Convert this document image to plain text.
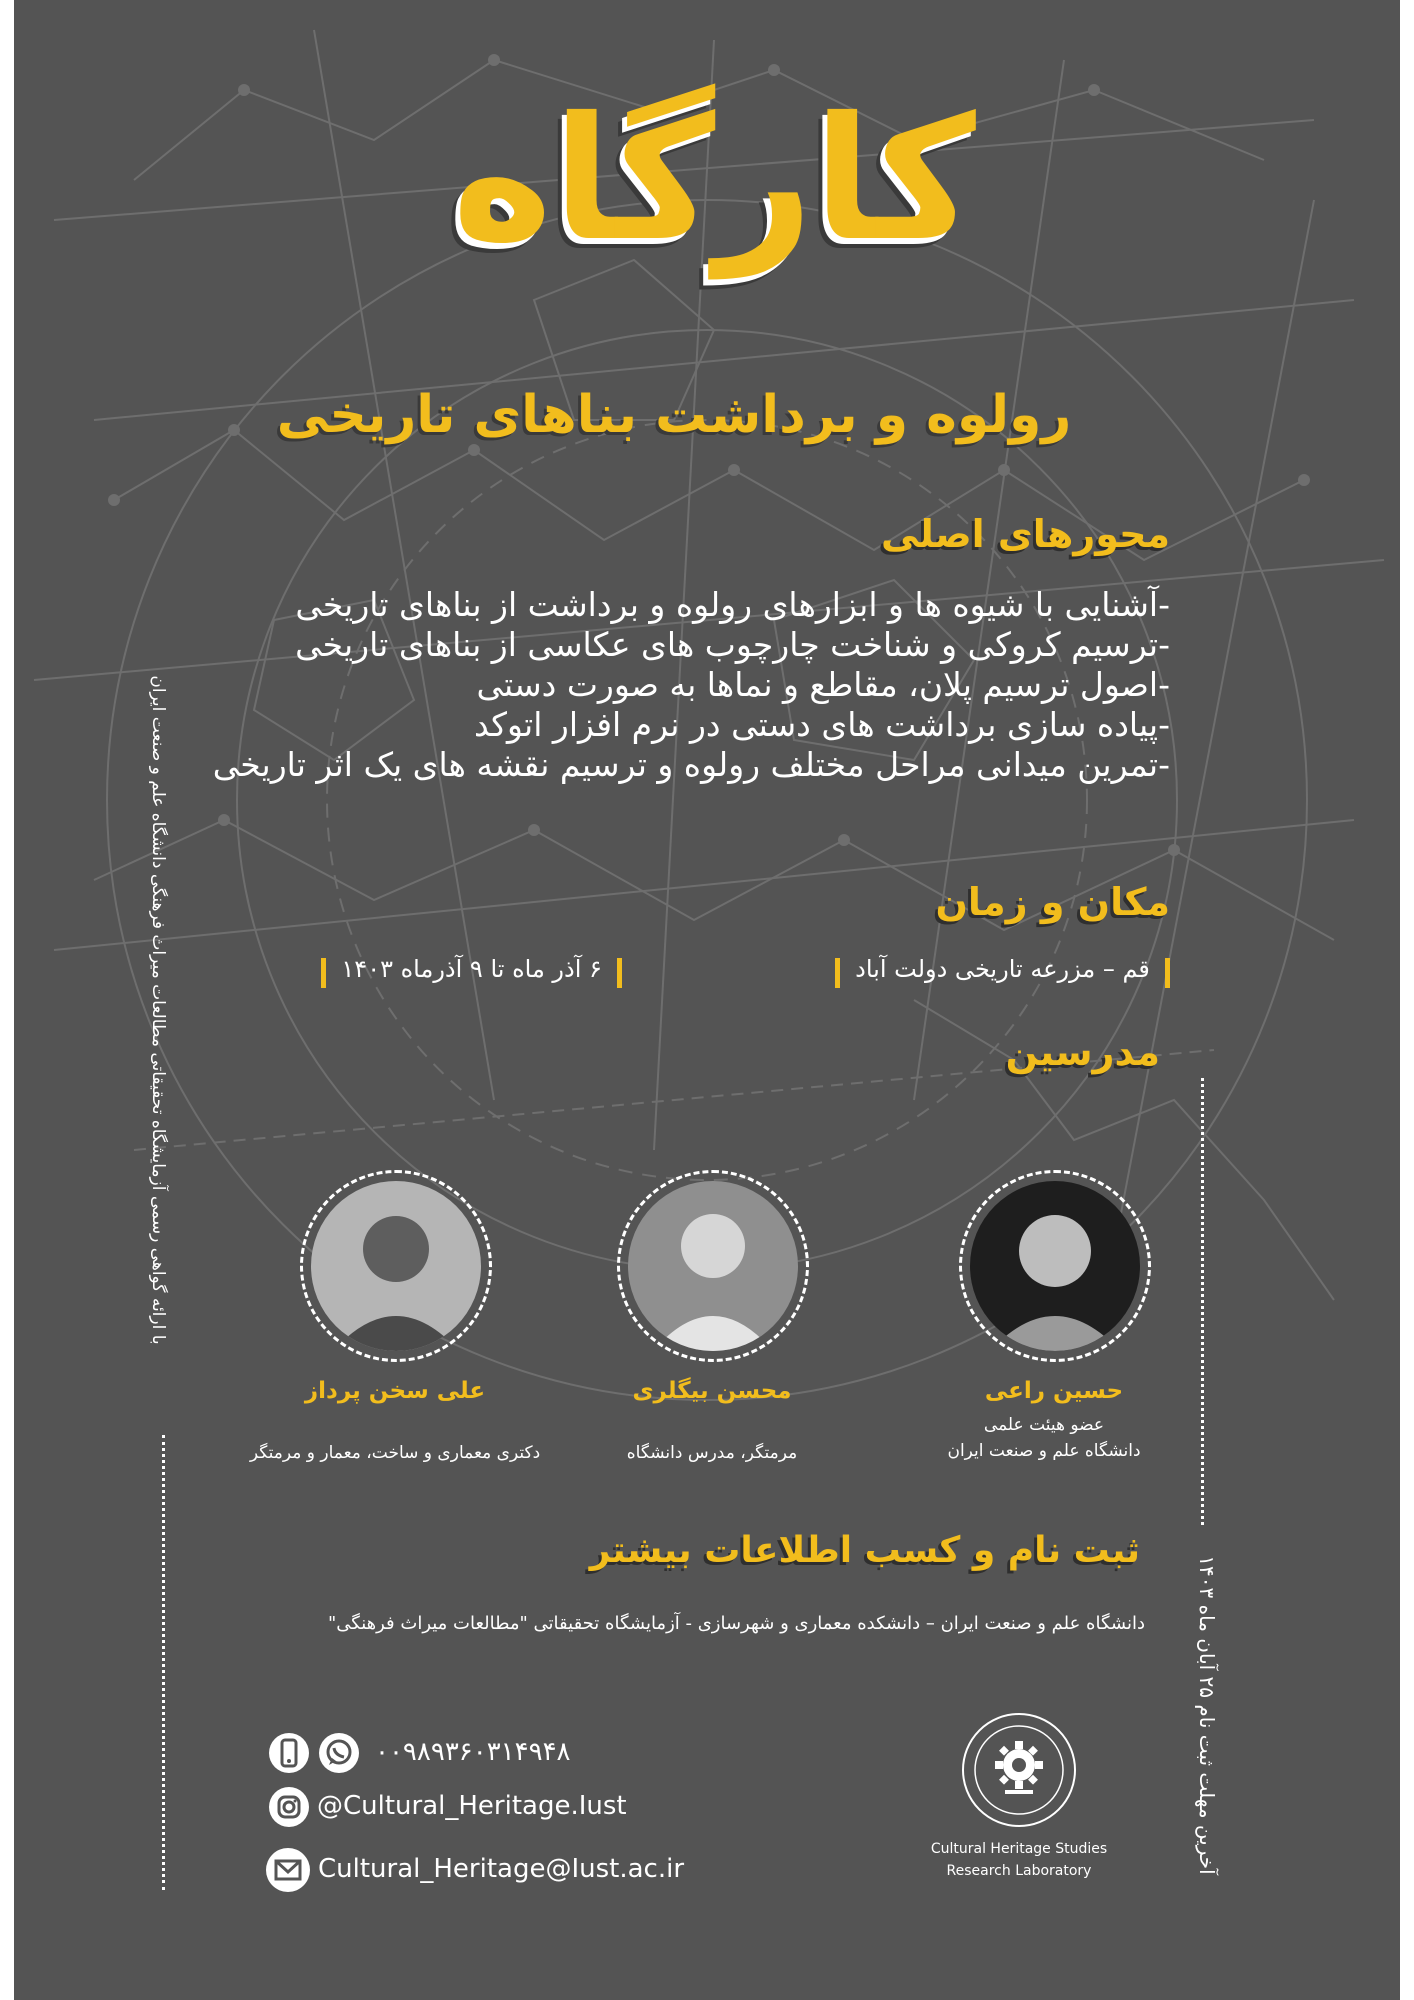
کارگاه
رولوه و برداشت بناهای تاریخی
محورهای اصلی
-آشنایی با شیوه ها و ابزارهای رولوه و برداشت از بناهای تاریخی
-ترسیم کروکی و شناخت چارچوب های عکاسی از بناهای تاریخی
-اصول ترسیم پلان، مقاطع و نماها به صورت دستی
-پیاده سازی برداشت های دستی در نرم افزار اتوکد
-تمرین میدانی مراحل مختلف رولوه و ترسیم نقشه های یک اثر تاریخی
مکان و زمان
قم – مزرعه تاریخی دولت آباد
۶ آذر ماه تا ۹ آذرماه ۱۴۰۳
مدرسین
حسین راعی
عضو هیئت علمی
دانشگاه علم و صنعت ایران
محسن بیگلری
مرمتگر، مدرس دانشگاه
علی سخن پرداز
دکتری معماری و ساخت، معمار و مرمتگر
ثبت نام و کسب اطلاعات بیشتر
دانشگاه علم و صنعت ایران – دانشکده معماری و شهرسازی - آزمایشگاه تحقیقاتی "مطالعات میراث فرهنگی"
۰۰۹۸۹۳۶۰۳۱۴۹۴۸
@Cultural_Heritage.Iust
Cultural_Heritage@Iust.ac.ir
Cultural Heritage Studies
Research Laboratory
با ارائه گواهی رسمی آزمایشگاه تحقیقاتی مطالعات میراث فرهنگی دانشگاه علم و صنعت ایران
آخرین مهلت ثبت نام ۲۵ آبان ماه ۱۴۰۳
